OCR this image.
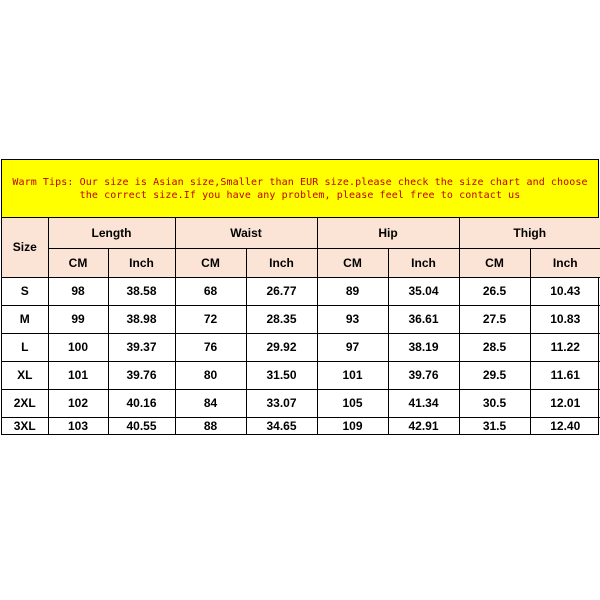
Warm Tips: Our size is Asian size,Smaller than EUR size.please check the size chart and choose the correct size.If you have any problem, please feel free to contact us
Size	Length		Waist		Hip		Thigh	
	CM	Inch	CM	Inch	CM	Inch	CM	Inch
S	98	38.58	68	26.77	89	35.04	26.5	10.43
M	99	38.98	72	28.35	93	36.61	27.5	10.83
L	100	39.37	76	29.92	97	38.19	28.5	11.22
XL	101	39.76	80	31.50	101	39.76	29.5	11.61
2XL	102	40.16	84	33.07	105	41.34	30.5	12.01
3XL	103	40.55	88	34.65	109	42.91	31.5	12.40
